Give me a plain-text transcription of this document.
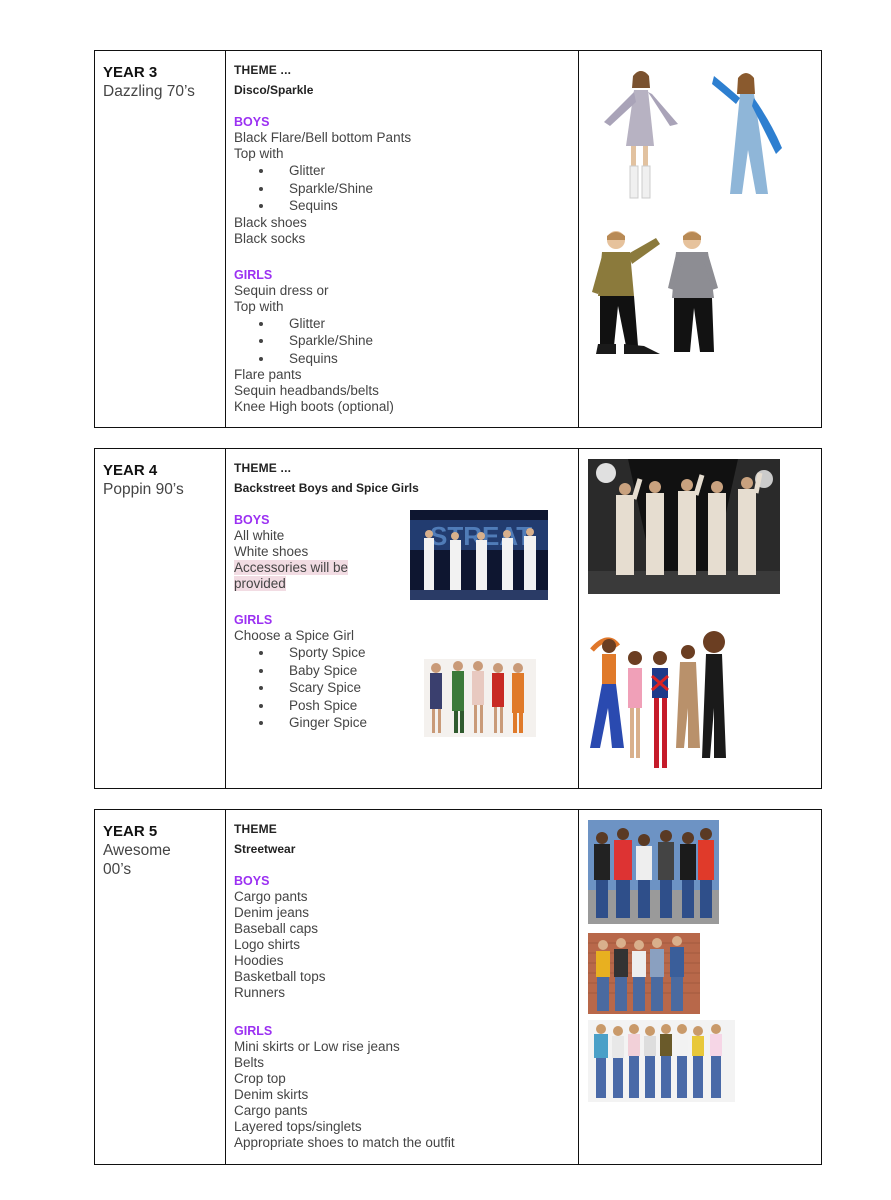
YEAR 3
Dazzling 70’s

THEME ...
Disco/Sparkle
BOYS
Black Flare/Bell bottom Pants
Top with
• Glitter
• Sparkle/Shine
• Sequins
Black shoes
Black socks
GIRLS
Sequin dress or
Top with
• Glitter
• Sparkle/Shine
• Sequins
Flare pants
Sequin headbands/belts
Knee High boots (optional)

YEAR 4
Poppin 90’s

THEME ...
Backstreet Boys and Spice Girls
BOYS
All white
White shoes
Accessories will be
provided
GIRLS
Choose a Spice Girl
• Sporty Spice
• Baby Spice
• Scary Spice
• Posh Spice
• Ginger Spice

YEAR 5
Awesome 00’s

THEME
Streetwear
BOYS
Cargo pants
Denim jeans
Baseball caps
Logo shirts
Hoodies
Basketball tops
Runners
GIRLS
Mini skirts or Low rise jeans
Belts
Crop top
Denim skirts
Cargo pants
Layered tops/singlets
Appropriate shoes to match the outfit
